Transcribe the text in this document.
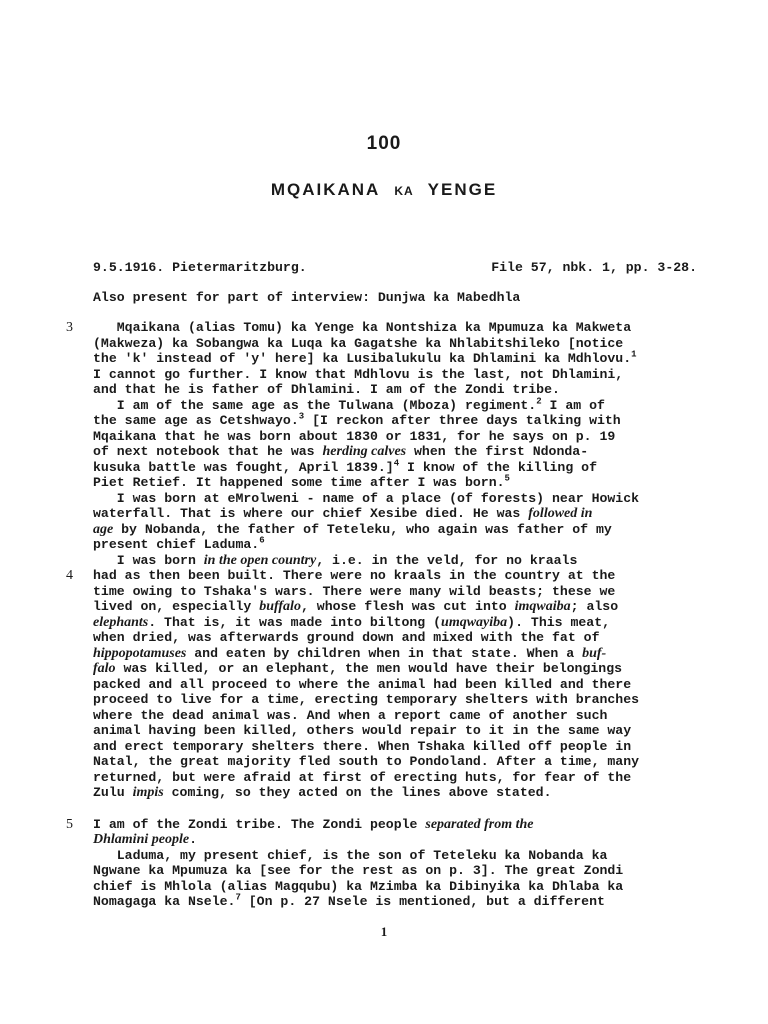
100
MQAIKANA KA YENGE
9.5.1916. Pietermaritzburg.	File 57, nbk. 1, pp. 3-28.
Also present for part of interview: Dunjwa ka Mabedhla
3 Mqaikana (alias Tomu) ka Yenge ka Nontshiza ka Mpumuza ka Makweta
(Makweza) ka Sobangwa ka Luqa ka Gagatshe ka Nhlabitshileko [notice
the 'k' instead of 'y' here] ka Lusibalukulu ka Dhlamini ka Mdhlovu.$^1$
I cannot go further. I know that Mdhlovu is the last, not Dhlamini,
and that he is father of Dhlamini. I am of the Zondi tribe.
I am of the same age as the Tulwana (Mboza) regiment.$^2$ I am of
the same age as Cetshwayo.$^3$ [I reckon after three days talking with
Mqaikana that he was born about 1830 or 1831, for he says on p. 19
of next notebook that he was herding calves when the first Ndonda-
kusuka battle was fought, April 1839.]$^4$ I know of the killing of
Piet Retief. It happened some time after I was born.$^5$
I was born at eMrolweni - name of a place (of forests) near Howick
waterfall. That is where our chief Xesibe died. He was followed in
age by Nobanda, the father of Teteleku, who again was father of my
present chief Laduma.$^6$
I was born in the open country, i.e. in the veld, for no kraals
4 had as then been built. There were no kraals in the country at the
time owing to Tshaka's wars. There were many wild beasts; these we
lived on, especially buffalo, whose flesh was cut into imqwaiba; also
elephants. That is, it was made into biltong (umqwayiba). This meat,
when dried, was afterwards ground down and mixed with the fat of
hippopotamuses and eaten by children when in that state. When a buf-
falo was killed, or an elephant, the men would have their belongings
packed and all proceed to where the animal had been killed and there
proceed to live for a time, erecting temporary shelters with branches
where the dead animal was. And when a report came of another such
animal having been killed, others would repair to it in the same way
and erect temporary shelters there. When Tshaka killed off people in
Natal, the great majority fled south to Pondoland. After a time, many
returned, but were afraid at first of erecting huts, for fear of the
Zulu impis coming, so they acted on the lines above stated.
5 I am of the Zondi tribe. The Zondi people separated from the
Dhlamini people.
Laduma, my present chief, is the son of Teteleku ka Nobanda ka
Ngwane ka Mpumuza ka [see for the rest as on p. 3]. The great Zondi
chief is Mhlola (alias Magqubu) ka Mzimba ka Dibinyika ka Dhlaba ka
Nomagaga ka Nsele.$^7$ [On p. 27 Nsele is mentioned, but a different
1
